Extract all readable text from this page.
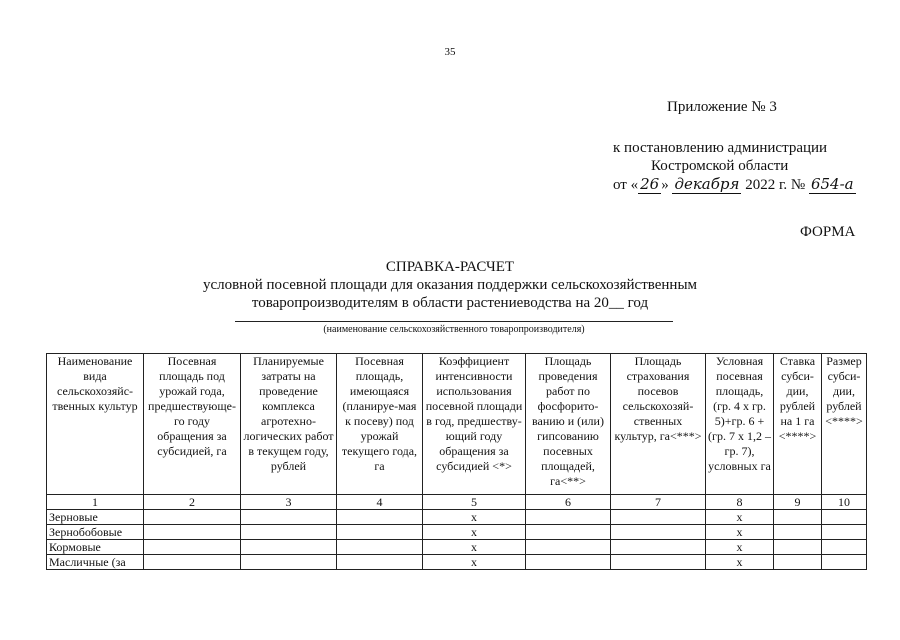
35
Приложение № 3
к постановлению администрации
Костромской области
от « 26 » декабря 2022 г. № 654-а
ФОРМА
СПРАВКА-РАСЧЕТ
условной посевной площади для оказания поддержки сельскохозяйственным
товаропроизводителям в области растениеводства на 20__ год
(наименование сельскохозяйственного товаропроизводителя)
Наименование вида сельскохозяйс-твенных культур	Посевная площадь под урожай года, предшествующе-го году обращения за субсидией, га	Планируемые затраты на проведение комплекса агротехно-логических работ в текущем году, рублей	Посевная площадь, имеющаяся (планируе-мая к посеву) под урожай текущего года, га	Коэффициент интенсивности использования посевной площади в год, предшеству-ющий году обращения за субсидией <*>	Площадь проведения работ по фосфорито-ванию и (или) гипсованию посевных площадей, га<**>	Площадь страхования посевов сельскохозяй-ственных культур, га<***>	Условная посевная площадь, (гр. 4 х гр. 5)+гр. 6 + (гр. 7 х 1,2 – гр. 7), условных га	Ставка субси-дии, рублей на 1 га <****>	Размер субси-дии, рублей <****>
1	2	3	4	5	6	7	8	9	10
Зерновые				x			x		
Зернобобовые				x			x		
Кормовые				x			x		
Масличные (за				x			x		
